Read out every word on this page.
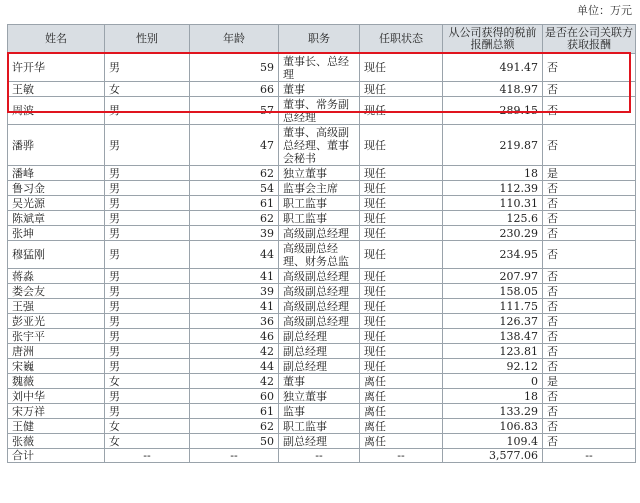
单位：万元
姓名	性别	年龄	职务	任职状态	从公司获得的税前报酬总额	是否在公司关联方获取报酬
许开华	男	59	董事长、总经理	现任	491.47	否
王敏	女	66	董事	现任	418.97	否
周波	男	57	董事、常务副总经理	现任	289.15	否
潘骅	男	47	董事、高级副总经理、董事会秘书	现任	219.87	否
潘峰	男	62	独立董事	现任	18	是
鲁习金	男	54	监事会主席	现任	112.39	否
吴光源	男	61	职工监事	现任	110.31	否
陈斌章	男	62	职工监事	现任	125.6	否
张坤	男	39	高级副总经理	现任	230.29	否
穆猛刚	男	44	高级副总经理、财务总监	现任	234.95	否
蒋淼	男	41	高级副总经理	现任	207.97	否
娄会友	男	39	高级副总经理	现任	158.05	否
王强	男	41	高级副总经理	现任	111.75	否
彭亚光	男	36	高级副总经理	现任	126.37	否
张宇平	男	46	副总经理	现任	138.47	否
唐洲	男	42	副总经理	现任	123.81	否
宋巍	男	44	副总经理	现任	92.12	否
魏薇	女	42	董事	离任	0	是
刘中华	男	60	独立董事	离任	18	否
宋万祥	男	61	监事	离任	133.29	否
王健	女	62	职工监事	离任	106.83	否
张薇	女	50	副总经理	离任	109.4	否
合计	--	--	--	--	3,577.06	--
